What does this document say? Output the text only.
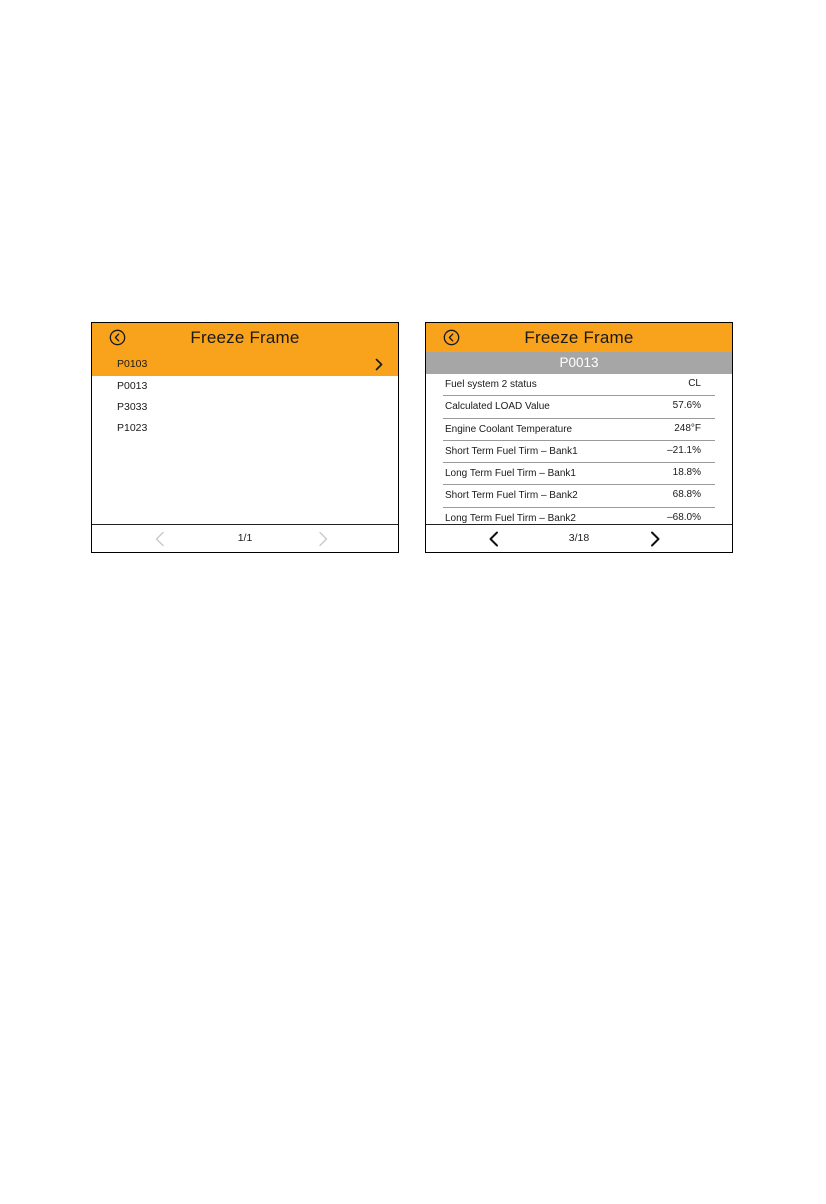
Freeze Frame
P0103
P0013
P3033
P1023
1/1
Freeze Frame
P0013
Fuel system 2 status	CL
Calculated LOAD Value	57.6%
Engine Coolant Temperature	248°F
Short Term Fuel Tirm – Bank1	–21.1%
Long Term Fuel Tirm – Bank1	18.8%
Short Term Fuel Tirm – Bank2	68.8%
Long Term Fuel Tirm – Bank2	–68.0%
3/18
